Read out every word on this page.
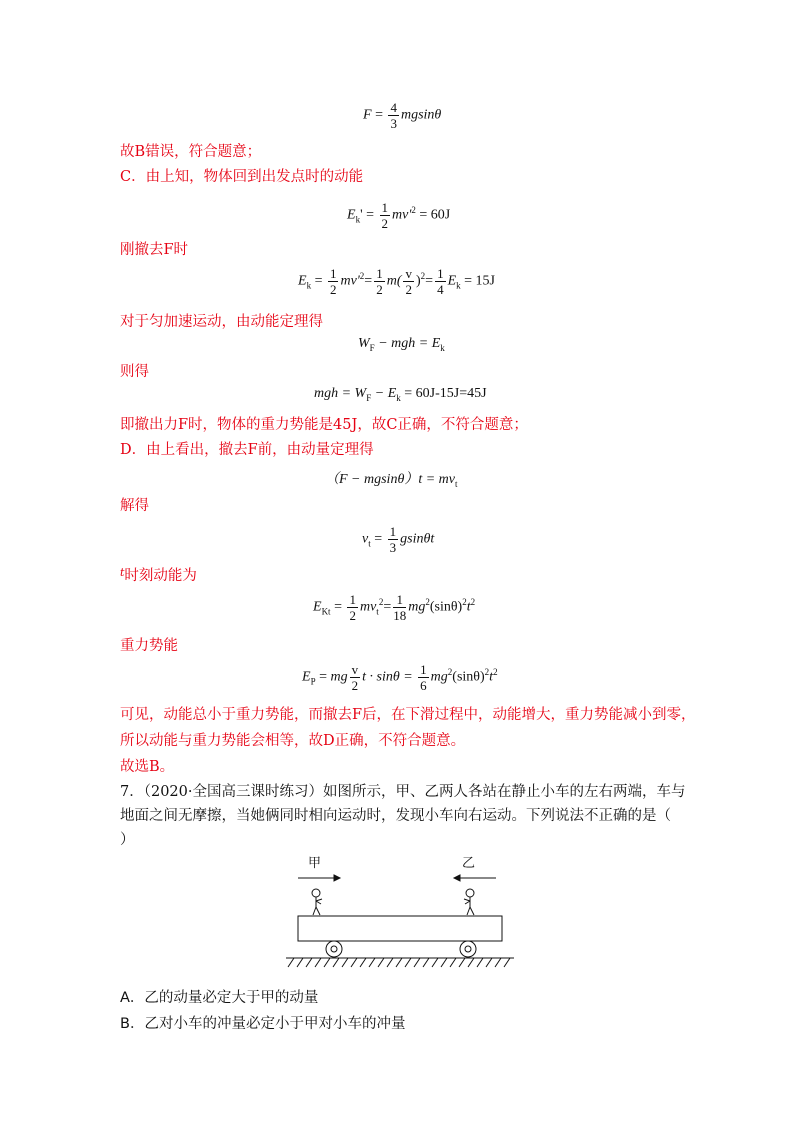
$F = \frac{4}{3}$ mgsinθ
故B错误，符合题意；
C．由上知，物体回到出发点时的动能
$E_k' = \frac{1}{2} mv'^2 = 60J$
刚撤去F时
$E_k = \frac{1}{2} mv'^2= \frac{1}{2} m( \frac{v}{2} )^2= \frac{1}{4} E_k = 15J$
对于匀加速运动，由动能定理得
$W_F$ − mgh = $E_k$
则得
mgh = $W_F - E_k = 60J-15J=45J$
即撤出力F时，物体的重力势能是45J，故C正确，不符合题意；
D．由上看出，撤去F前，由动量定理得
$(F - mgsin\theta)t = mv_t$
解得
$v_t = \frac{1}{3}$ gsinθt
$^t$时刻动能为
$E_{Kt} = \frac{1}{2} mv_t^2= \frac{1}{18} mg^2(\sin\theta)^2t^2$
重力势能
$E_P$ = mg $\frac{v}{2}$ $t \cdot \sin\theta = \frac{1}{6} mg^2(\sin\theta)^2t^2$
可见，动能总小于重力势能，而撤去F后，在下滑过程中，动能增大，重力势能减小到零，
所以动能与重力势能会相等，故D正确，不符合题意。
故选B。
7．（2020·全国高三课时练习）如图所示，甲、乙两人各站在静止小车的左右两端，车与
地面之间无摩擦，当她俩同时相向运动时，发现小车向右运动。下列说法不正确的是（
）
甲	乙
A．乙的动量必定大于甲的动量
B．乙对小车的冲量必定小于甲对小车的冲量
